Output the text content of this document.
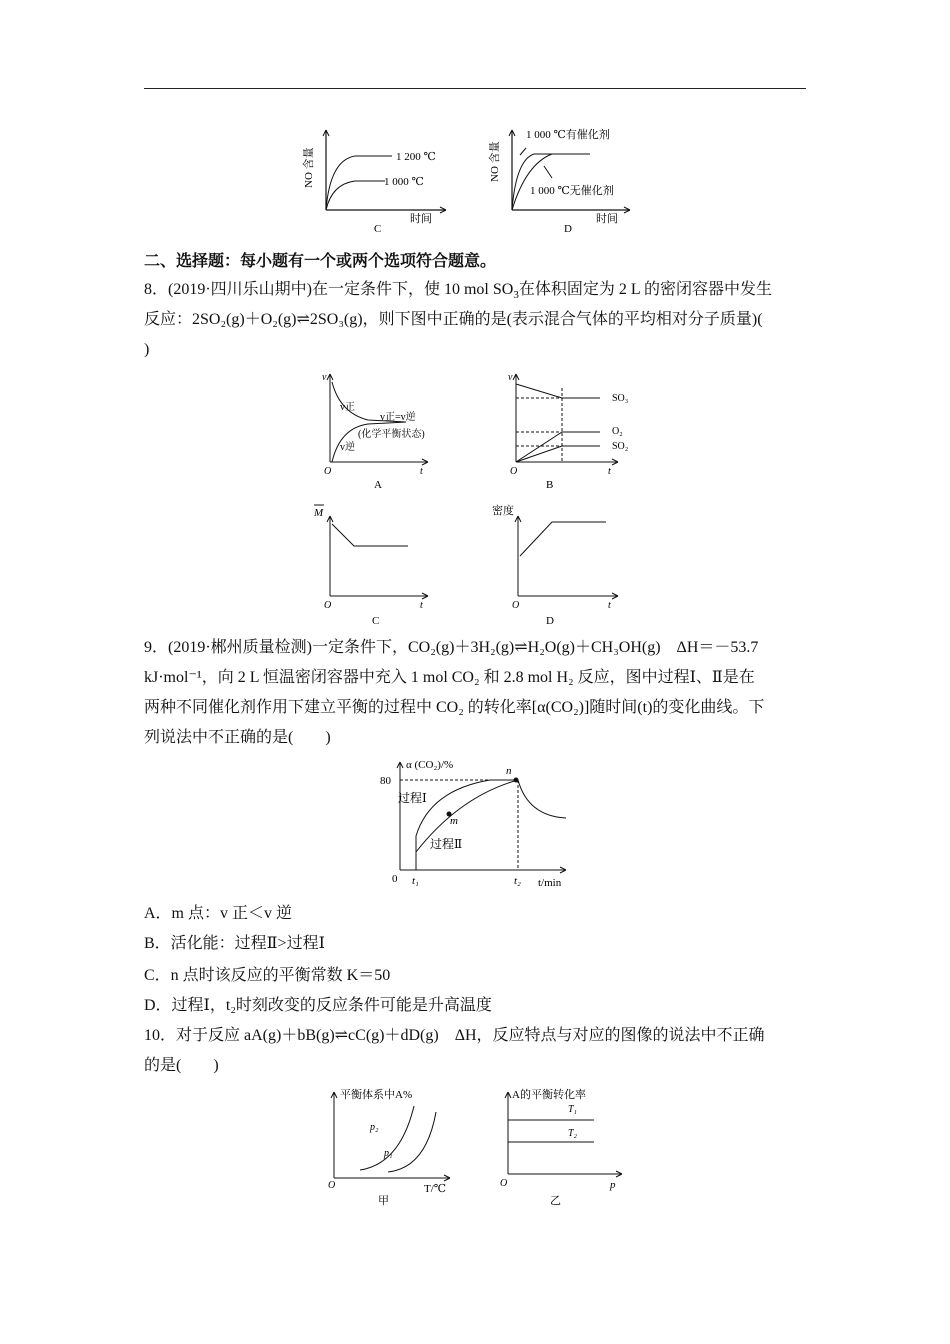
NO 含量	1 200 ℃
1 000 ℃
时间
C
NO 含量
1 000 ℃有催化剂
1 000 ℃无催化剂
时间
D
二、选择题：每小题有一个或两个选项符合题意。
8．(2019·四川乐山期中)在一定条件下，使 10 mol $SO_3$在体积固定为 2 L 的密闭容器中发生
反应：2SO₂(g)＋O₂(g)⇌2SO₃(g)，则下图中正确的是(表示混合气体的平均相对分子质量)(
)
v
v正
v正=v逆
(化学平衡状态)
v逆
O	t
A
v
SO₃
O₂
SO₂
O	t
B
M
O	t
C
密度
O	t
D
9．(2019·郴州质量检测)一定条件下，CO₂(g)＋3H₂(g)⇌H₂O(g)＋CH₃OH(g)　ΔH＝－53.7
kJ·mol⁻¹，向 2 L 恒温密闭容器中充入 1 mol CO₂ 和 2.8 mol H₂ 反应，图中过程Ⅰ、Ⅱ是在
两种不同催化剂作用下建立平衡的过程中 CO₂ 的转化率[α(CO₂)]随时间(t)的变化曲线。下
列说法中不正确的是(　　)
α (CO₂)/%
80
过程Ⅰ
m
过程Ⅱ
n
0 t₁	t₂ t/min
A．m 点：v 正＜v 逆
B．活化能：过程Ⅱ>过程Ⅰ
C．n 点时该反应的平衡常数 K＝50
D．过程Ⅰ，t₂时刻改变的反应条件可能是升高温度
10．对于反应 aA(g)＋bB(g)⇌cC(g)＋dD(g)　ΔH，反应特点与对应的图像的说法中不正确
的是(　　)
平衡体系中A%
p₂
p₁
O	T/℃
甲
A的平衡转化率
T₁
T₂
O	p
乙
